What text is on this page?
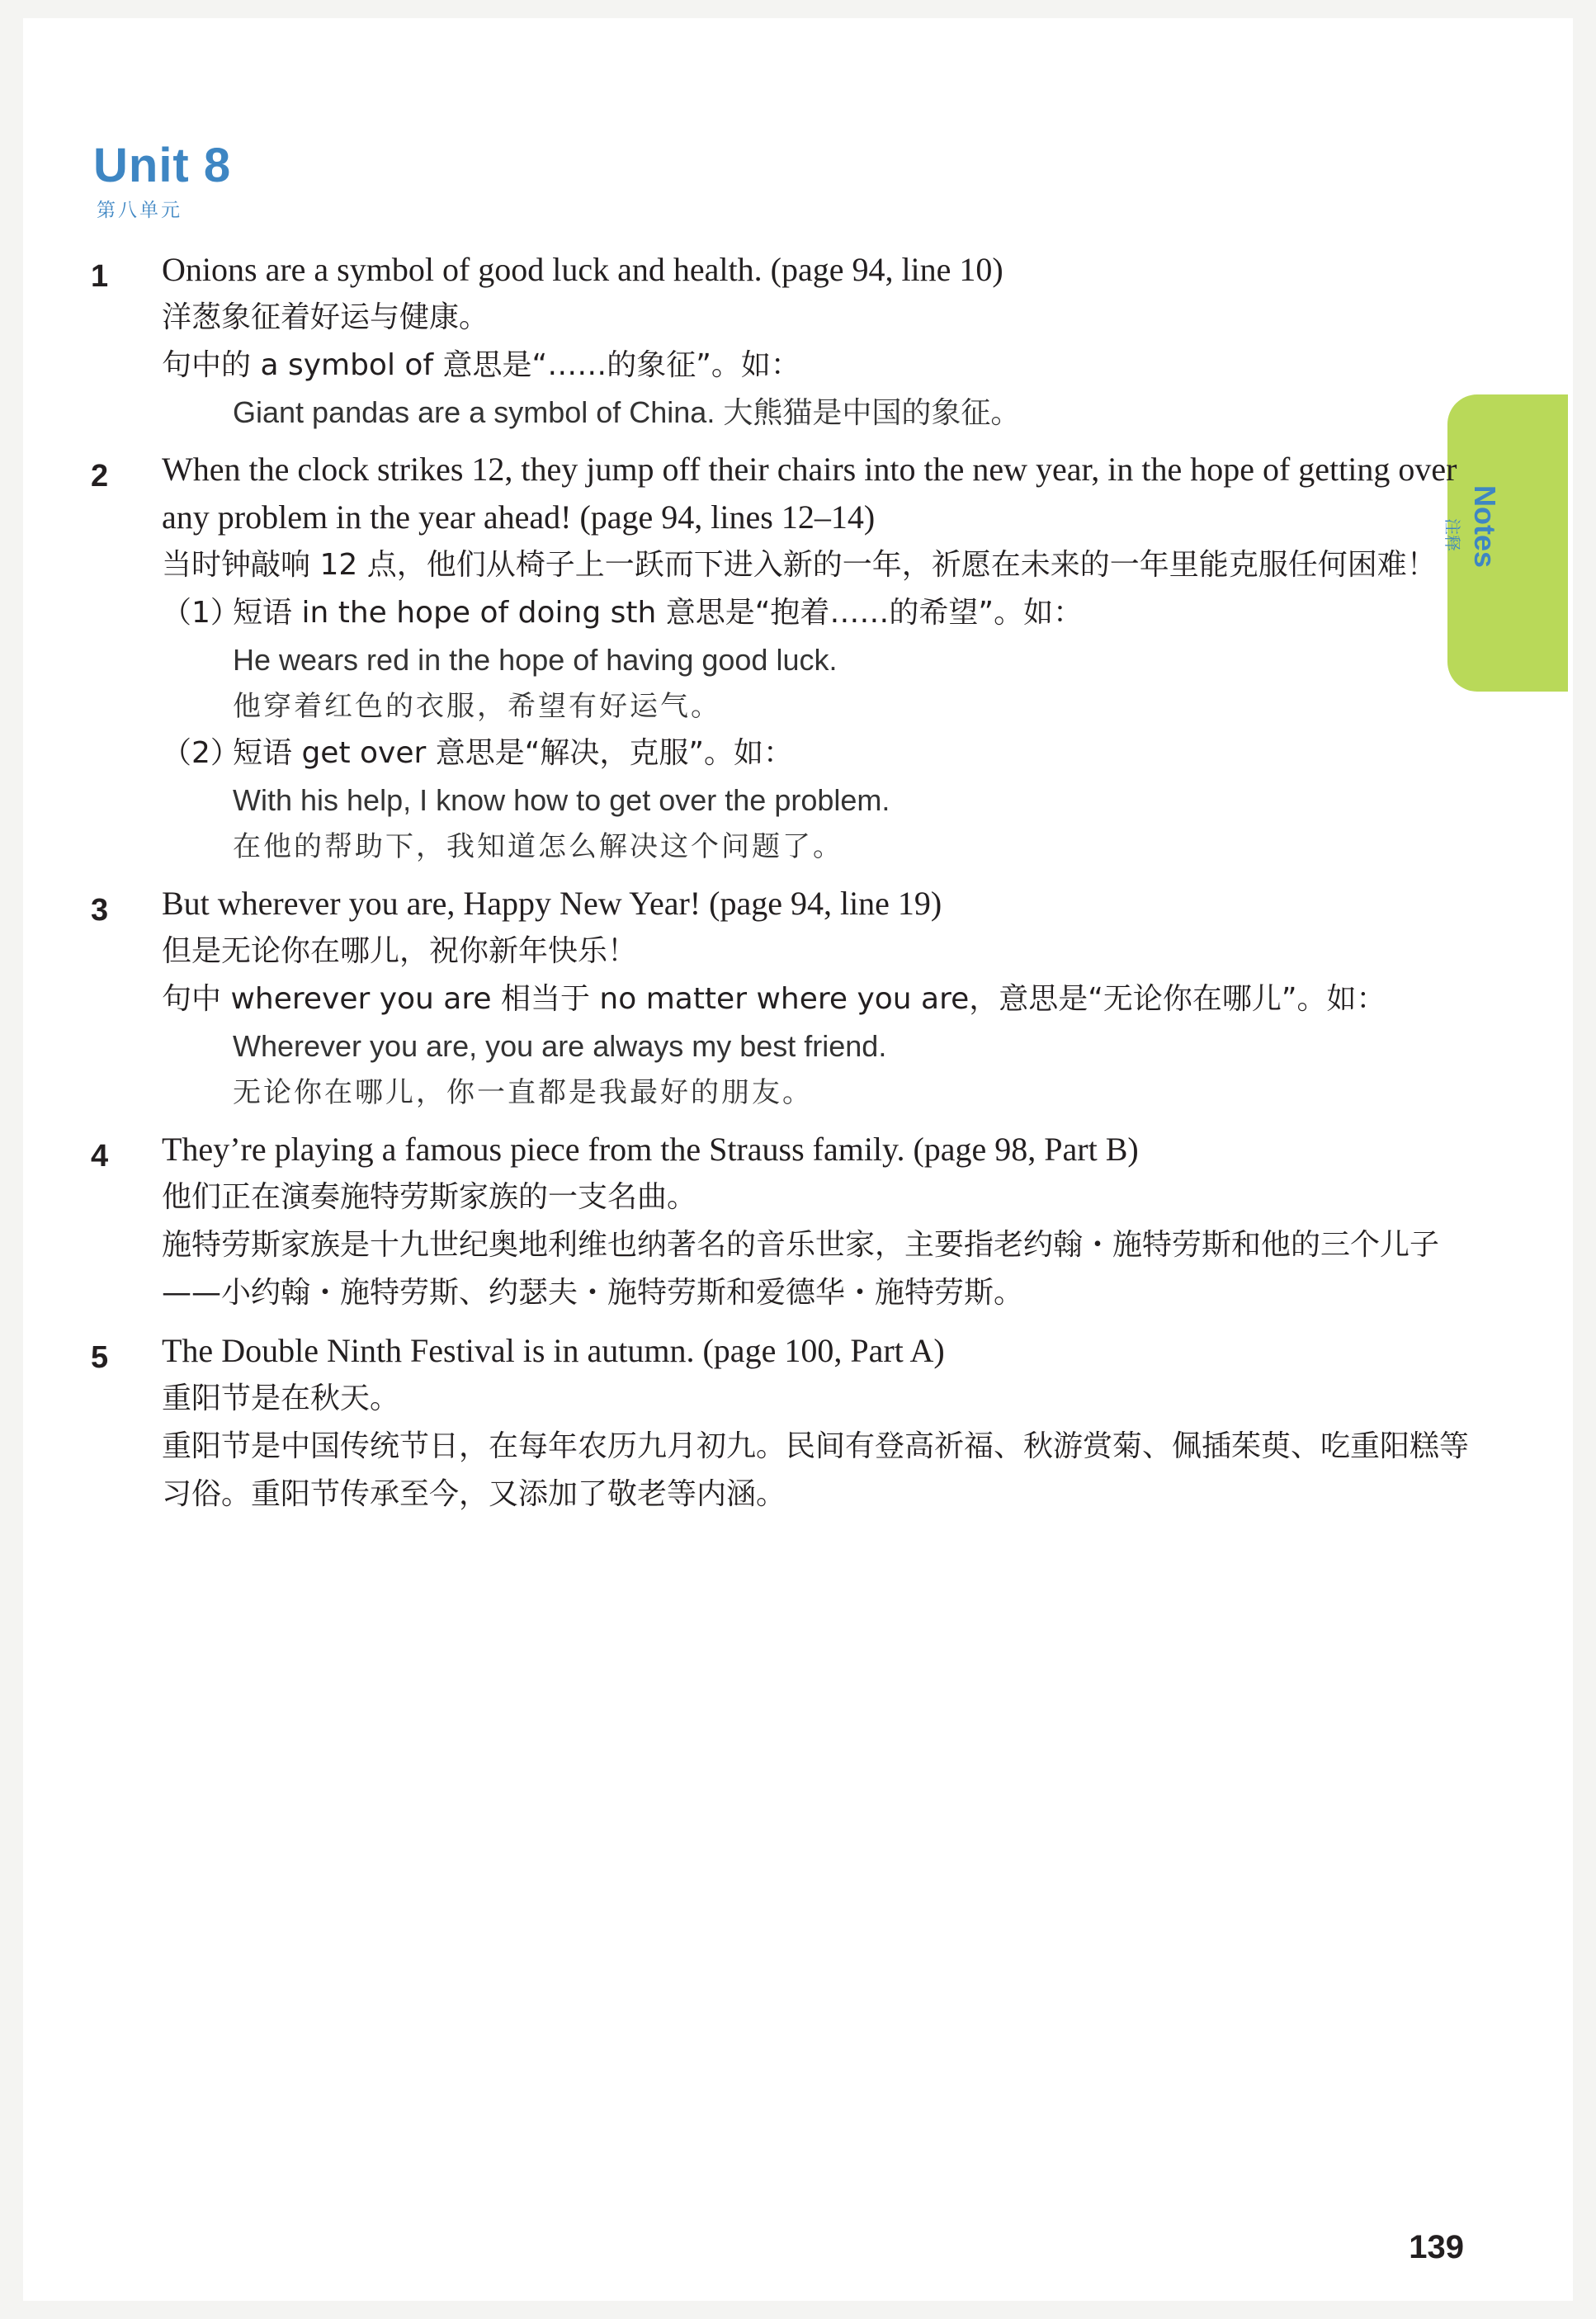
Unit 8
第八单元
Notes
注释
1 Onions are a symbol of good luck and health. (page 94, line 10)
洋葱象征着好运与健康。
句中的 a symbol of 意思是“……的象征”。如：
Giant pandas are a symbol of China. 大熊猫是中国的象征。
2 When the clock strikes 12, they jump off their chairs into the new year, in the hope of getting over any problem in the year ahead! (page 94, lines 12–14)
当时钟敲响 12 点，他们从椅子上一跃而下进入新的一年，祈愿在未来的一年里能克服任何困难！
（1）
短语 in the hope of doing sth 意思是“抱着……的希望”。如：
He wears red in the hope of having good luck.
他穿着红色的衣服，希望有好运气。
（2）
短语 get over 意思是“解决，克服”。如：
With his help, I know how to get over the problem.
在他的帮助下，我知道怎么解决这个问题了。
3 But wherever you are, Happy New Year! (page 94, line 19)
但是无论你在哪儿，祝你新年快乐！
句中 wherever you are 相当于 no matter where you are，意思是“无论你在哪儿”。如：
Wherever you are, you are always my best friend.
无论你在哪儿，你一直都是我最好的朋友。
4 They’re playing a famous piece from the Strauss family. (page 98, Part B)
他们正在演奏施特劳斯家族的一支名曲。
施特劳斯家族是十九世纪奥地利维也纳著名的音乐世家，主要指老约翰・施特劳斯和他的三个儿子——小约翰・施特劳斯、约瑟夫・施特劳斯和爱德华・施特劳斯。
5 The Double Ninth Festival is in autumn. (page 100, Part A)
重阳节是在秋天。
重阳节是中国传统节日，在每年农历九月初九。民间有登高祈福、秋游赏菊、佩插茱萸、吃重阳糕等习俗。重阳节传承至今，又添加了敬老等内涵。
139
